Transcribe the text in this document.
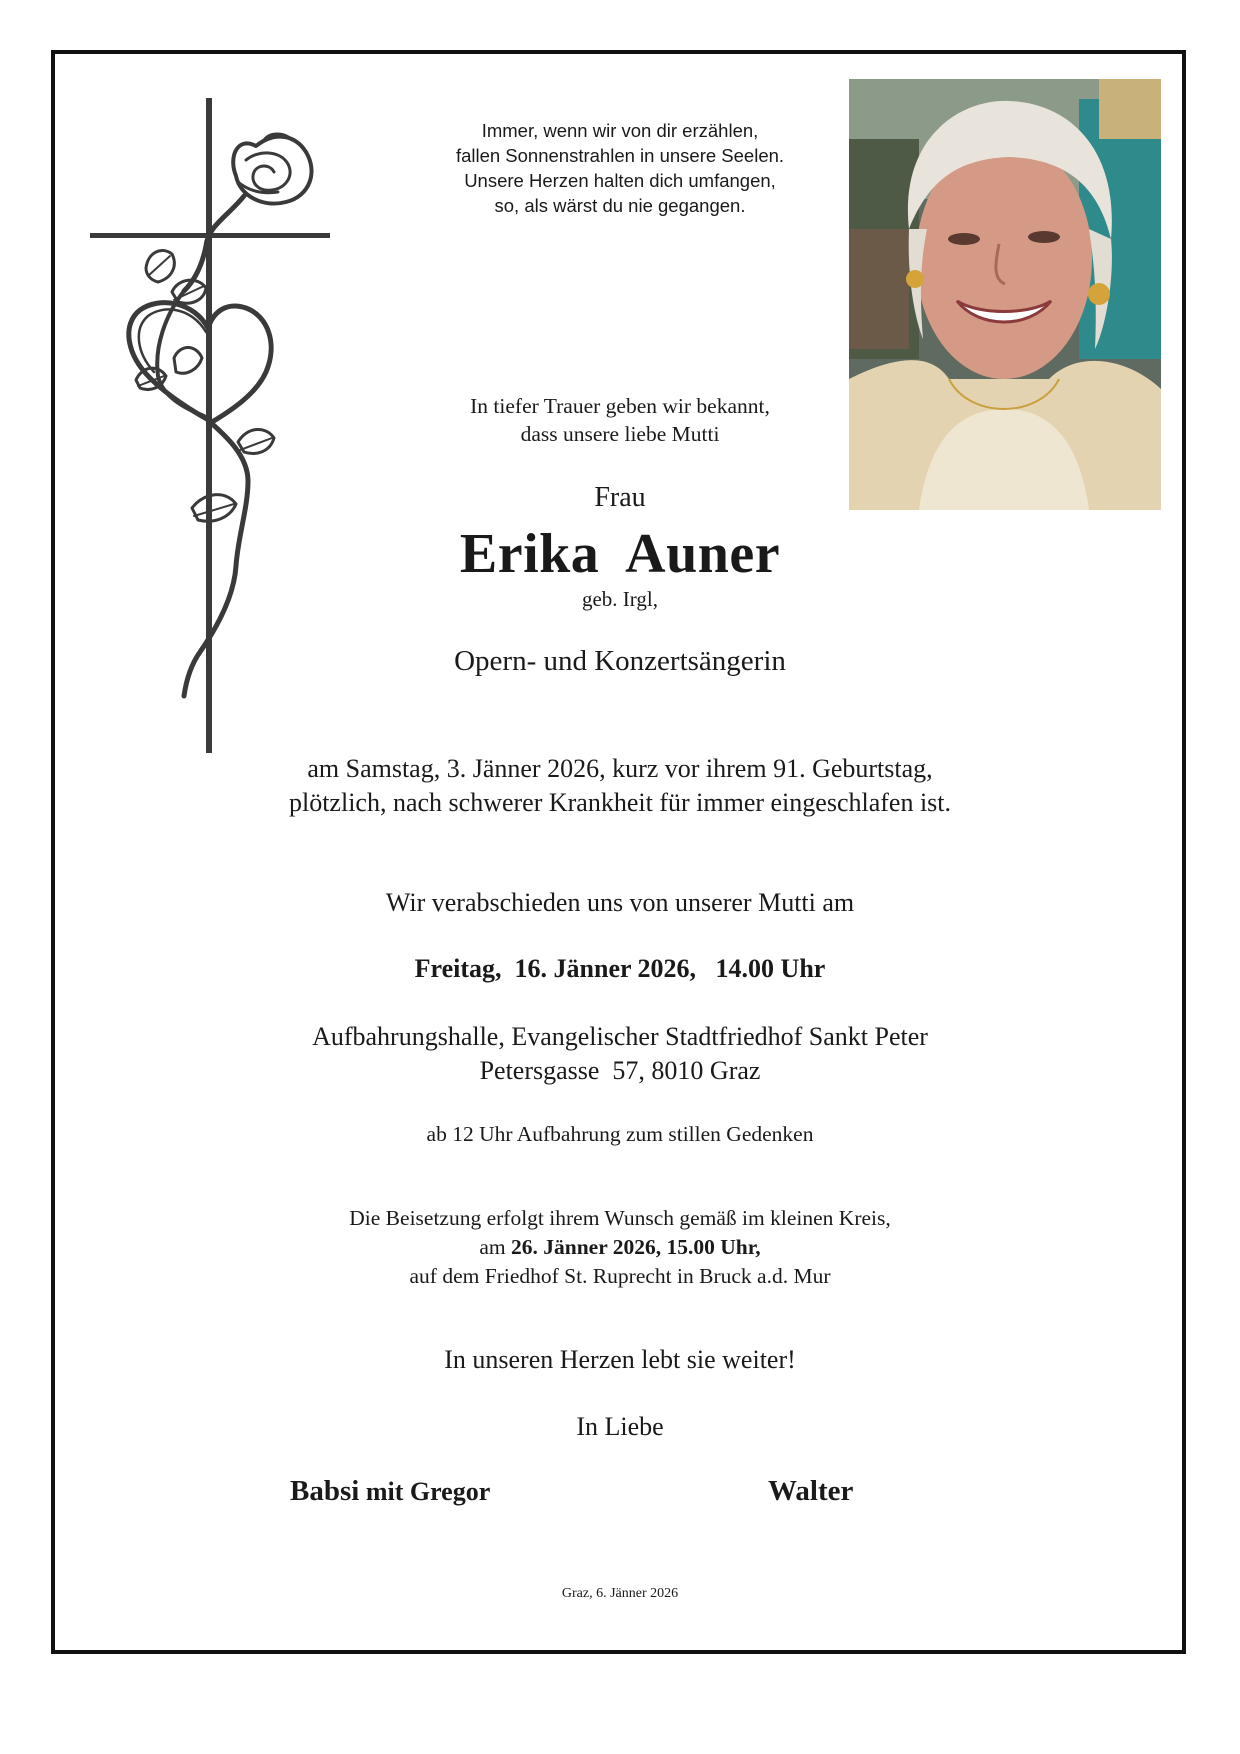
Immer, wenn wir von dir erzählen,
fallen Sonnenstrahlen in unsere Seelen.
Unsere Herzen halten dich umfangen,
so, als wärst du nie gegangen.
In tiefer Trauer geben wir bekannt,
dass unsere liebe Mutti
Frau
Erika  Auner
geb. Irgl,
Opern- und Konzertsängerin
am Samstag, 3. Jänner 2026, kurz vor ihrem 91. Geburtstag,
plötzlich, nach schwerer Krankheit für immer eingeschlafen ist.
Wir verabschieden uns von unserer Mutti am
Freitag,  16. Jänner 2026,   14.00 Uhr
Aufbahrungshalle, Evangelischer Stadtfriedhof Sankt Peter
Petersgasse  57, 8010 Graz
ab 12 Uhr Aufbahrung zum stillen Gedenken
Die Beisetzung erfolgt ihrem Wunsch gemäß im kleinen Kreis,
am 26. Jänner 2026, 15.00 Uhr,
auf dem Friedhof St. Ruprecht in Bruck a.d. Mur
In unseren Herzen lebt sie weiter!
In Liebe
Babsi mit Gregor	Walter
Graz, 6. Jänner 2026
